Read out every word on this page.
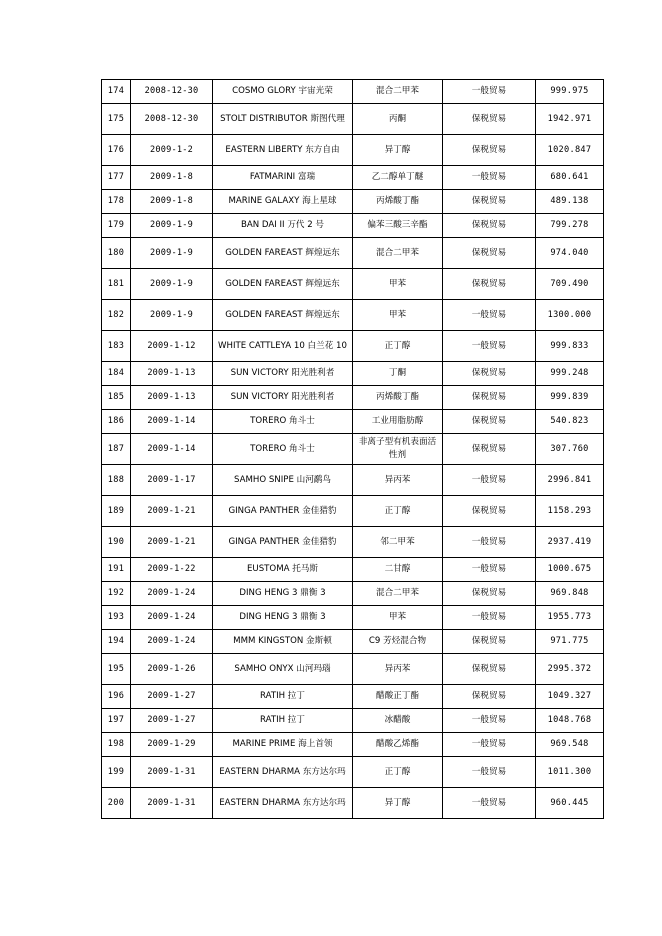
174	2008-12-30	COSMO GLORY 宇宙光荣	混合二甲苯	一般贸易	999.975
175	2008-12-30	STOLT DISTRIBUTOR 斯图代理	丙酮	保税贸易	1942.971
176	2009-1-2	EASTERN LIBERTY 东方自由	异丁醇	保税贸易	1020.847
177	2009-1-8	FATMARINI 富瑞	乙二醇单丁醚	一般贸易	680.641
178	2009-1-8	MARINE GALAXY 海上星球	丙烯酸丁酯	保税贸易	489.138
179	2009-1-9	BAN DAI II 万代 2 号	偏苯三酸三辛酯	保税贸易	799.278
180	2009-1-9	GOLDEN FAREAST 辉煌远东	混合二甲苯	保税贸易	974.040
181	2009-1-9	GOLDEN FAREAST 辉煌远东	甲苯	保税贸易	709.490
182	2009-1-9	GOLDEN FAREAST 辉煌远东	甲苯	一般贸易	1300.000
183	2009-1-12	WHITE CATTLEYA 10 白兰花 10	正丁醇	一般贸易	999.833
184	2009-1-13	SUN VICTORY 阳光胜利者	丁酮	保税贸易	999.248
185	2009-1-13	SUN VICTORY 阳光胜利者	丙烯酸丁酯	保税贸易	999.839
186	2009-1-14	TORERO 角斗士	工业用脂肪醇	保税贸易	540.823
187	2009-1-14	TORERO 角斗士	非离子型有机表面活性剂	保税贸易	307.760
188	2009-1-17	SAMHO SNIPE 山河鹬鸟	异丙苯	一般贸易	2996.841
189	2009-1-21	GINGA PANTHER 金佳猎豹	正丁醇	保税贸易	1158.293
190	2009-1-21	GINGA PANTHER 金佳猎豹	邻二甲苯	一般贸易	2937.419
191	2009-1-22	EUSTOMA 托马斯	二甘醇	一般贸易	1000.675
192	2009-1-24	DING HENG 3 鼎衡 3	混合二甲苯	保税贸易	969.848
193	2009-1-24	DING HENG 3 鼎衡 3	甲苯	一般贸易	1955.773
194	2009-1-24	MMM KINGSTON 金斯顿	C9 芳烃混合物	保税贸易	971.775
195	2009-1-26	SAMHO ONYX 山河玛瑙	异丙苯	保税贸易	2995.372
196	2009-1-27	RATIH 拉丁	醋酸正丁酯	保税贸易	1049.327
197	2009-1-27	RATIH 拉丁	冰醋酸	一般贸易	1048.768
198	2009-1-29	MARINE PRIME 海上首领	醋酸乙烯酯	一般贸易	969.548
199	2009-1-31	EASTERN DHARMA 东方达尔玛	正丁醇	一般贸易	1011.300
200	2009-1-31	EASTERN DHARMA 东方达尔玛	异丁醇	一般贸易	960.445
